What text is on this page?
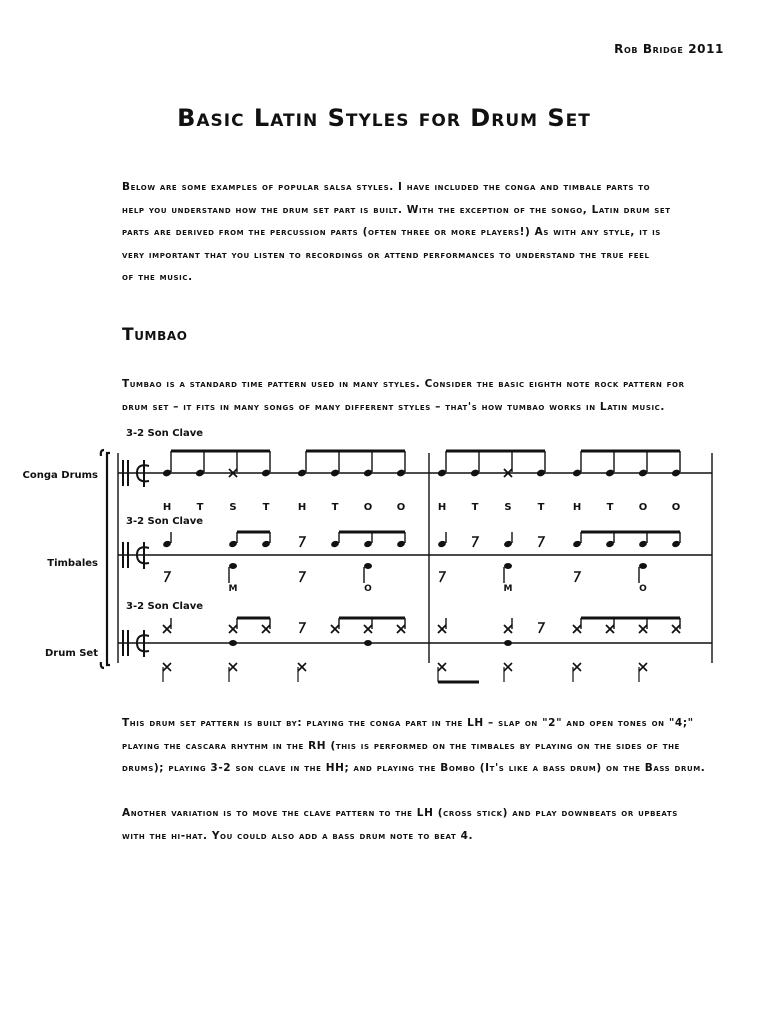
Rob Bridge 2011
Basic Latin Styles for Drum Set

Below are some examples of popular salsa styles. I have included the conga and timbale parts to

help you understand how the drum set part is built. With the exception of the songo, Latin drum set

parts are derived from the percussion parts (often three or more players!) As with any style, it is

very important that you listen to recordings or attend performances to understand the true feel

of the music.

Tumbao

Tumbao is a standard time pattern used in many styles. Consider the basic eighth note rock pattern for

drum set – it fits in many songs of many different styles – that's how tumbao works in Latin music.

3-2 Son Clave
3-2 Son Clave
3-2 Son Clave
Conga Drums
Timbales
Drum Set
H	T	S	T	H	T	O O	H	T	S	T	H	T	O O
M	O	M	O

This drum set pattern is built by: playing the conga part in the LH – slap on "2" and open tones on "4;"

playing the cascara rhythm in the RH (this is performed on the timbales by playing on the sides of the

drums); playing 3-2 son clave in the HH; and playing the Bombo (It's like a bass drum) on the Bass drum.

Another variation is to move the clave pattern to the LH (cross stick) and play downbeats or upbeats

with the hi-hat. You could also add a bass drum note to beat 4.
